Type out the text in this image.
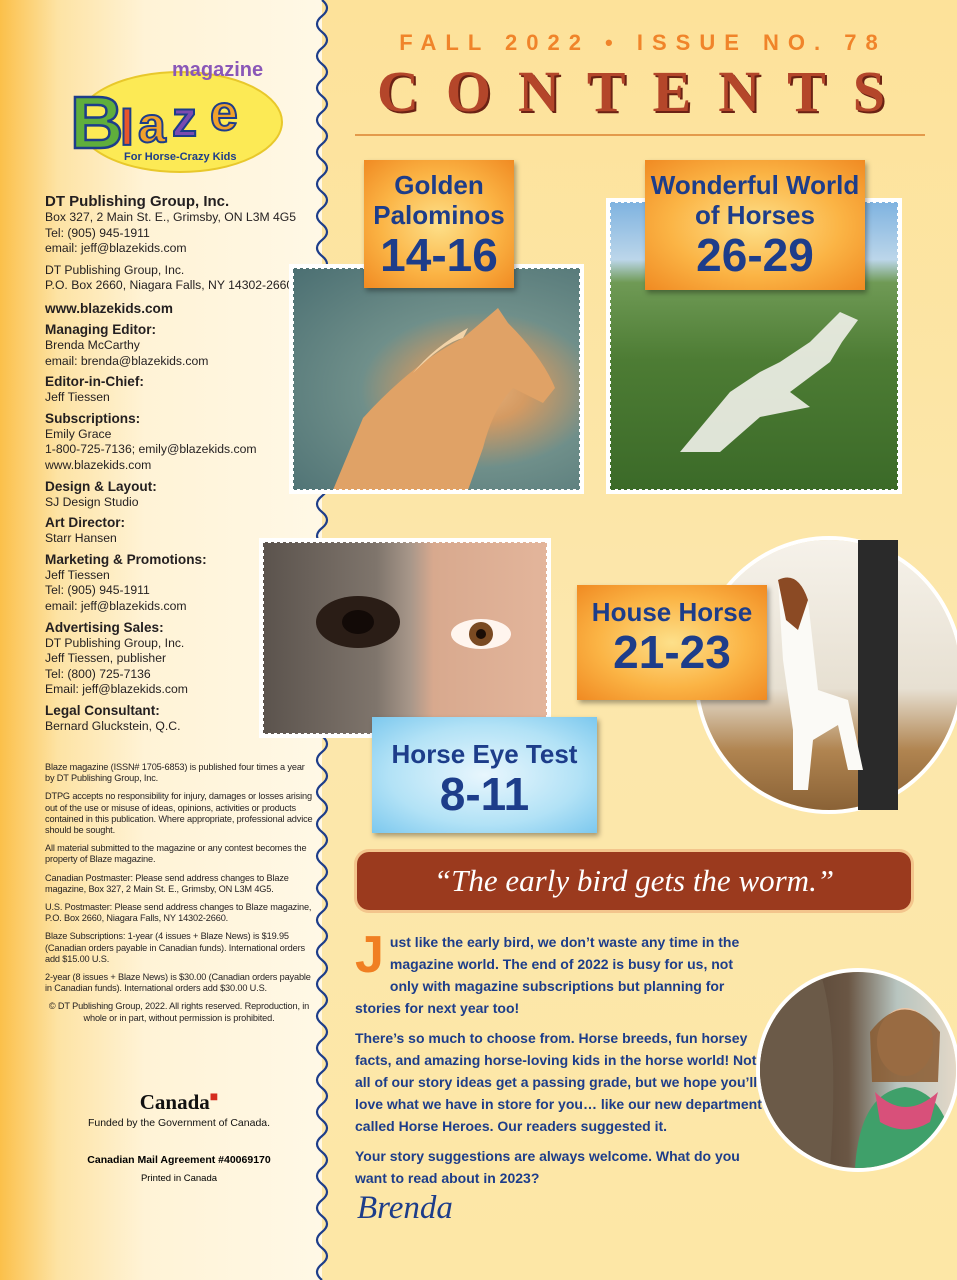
B
l a z e
magazine
For Horse-Crazy Kids
DT Publishing Group, Inc.
Box 327, 2 Main St. E., Grimsby, ON L3M 4G5
Tel: (905) 945-1911
email: jeff@blazekids.com
DT Publishing Group, Inc.
P.O. Box 2660, Niagara Falls, NY 14302-2660
www.blazekids.com
Managing Editor:
Brenda McCarthy
email: brenda@blazekids.com
Editor-in-Chief:
Jeff Tiessen
Subscriptions:
Emily Grace
1-800-725-7136; emily@blazekids.com
www.blazekids.com
Design & Layout:
SJ Design Studio
Art Director:
Starr Hansen
Marketing & Promotions:
Jeff Tiessen
Tel: (905) 945-1911
email: jeff@blazekids.com
Advertising Sales:
DT Publishing Group, Inc.
Jeff Tiessen, publisher
Tel: (800) 725-7136
Email: jeff@blazekids.com
Legal Consultant:
Bernard Gluckstein, Q.C.

Blaze magazine (ISSN# 1705-6853) is published four times a year by DT Publishing Group, Inc.

DTPG accepts no responsibility for injury, damages or losses arising out of the use or misuse of ideas, opinions, activities or products contained in this publication. Where appropriate, professional advice should be sought.

All material submitted to the magazine or any contest becomes the property of Blaze magazine.

Canadian Postmaster: Please send address changes to Blaze magazine, Box 327, 2 Main St. E., Grimsby, ON L3M 4G5.

U.S. Postmaster: Please send address changes to Blaze magazine, P.O. Box 2660, Niagara Falls, NY 14302-2660.

Blaze Subscriptions: 1-year (4 issues + Blaze News) is $19.95 (Canadian orders payable in Canadian funds). International orders add $15.00 U.S.

2-year (8 issues + Blaze News) is $30.00 (Canadian orders payable in Canadian funds). International orders add $30.00 U.S.

© DT Publishing Group, 2022. All rights reserved. Reproduction, in whole or in part, without permission is prohibited.

Canada■
Funded by the Government of Canada.
Canadian Mail Agreement #40069170
Printed in Canada
FALL 2022 • ISSUE NO. 78
CONTENTS
Golden
Palominos
14-16
Wonderful World
of Horses
26-29
House Horse
21-23
Horse Eye Test
8-11
“The early bird gets the worm.”

Just like the early bird, we don’t waste any time in the magazine world. The end of 2022 is busy for us, not only with magazine subscriptions but planning for stories for next year too!

There’s so much to choose from. Horse breeds, fun horsey facts, and amazing horse-loving kids in the horse world! Not all of our story ideas get a passing grade, but we hope you’ll love what we have in store for you… like our new department called Horse Heroes. Our readers suggested it.

Your story suggestions are always welcome. What do you want to read about in 2023?

Brenda
